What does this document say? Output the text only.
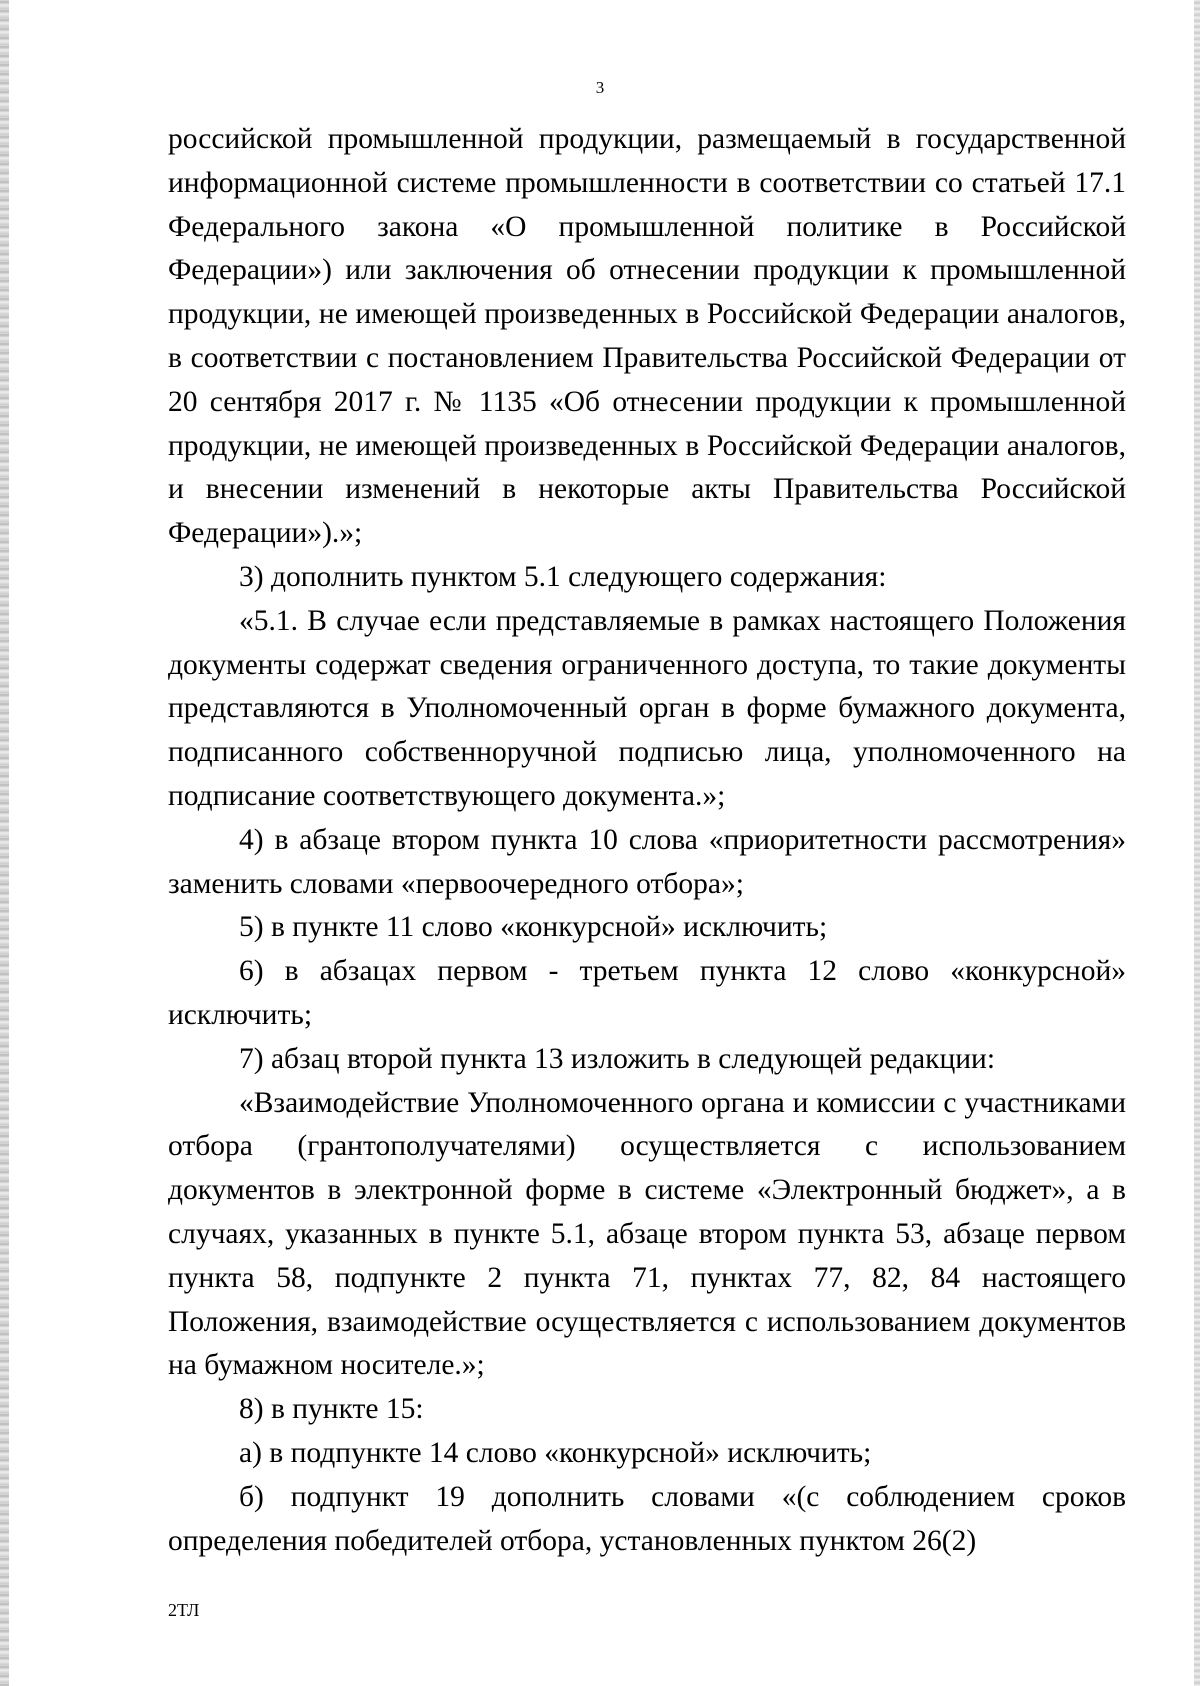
3

российской промышленной продукции, размещаемый в государственной информационной системе промышленности в соответствии со статьей 17.1 Федерального закона «О промышленной политике в Российской Федерации») или заключения об отнесении продукции к промышленной продукции, не имеющей произведенных в Российской Федерации аналогов, в соответствии с постановлением Правительства Российской Федерации от 20 сентября 2017 г. № 1135 «Об отнесении продукции к промышленной продукции, не имеющей произведенных в Российской Федерации аналогов, и внесении изменений в некоторые акты Правительства Российской Федерации»).»;

3) дополнить пунктом 5.1 следующего содержания:

«5.1. В случае если представляемые в рамках настоящего Положения документы содержат сведения ограниченного доступа, то такие документы представляются в Уполномоченный орган в форме бумажного документа, подписанного собственноручной подписью лица, уполномоченного на подписание соответствующего документа.»;

4) в абзаце втором пункта 10 слова «приоритетности рассмотрения» заменить словами «первоочередного отбора»;

5) в пункте 11 слово «конкурсной» исключить;

6) в абзацах первом - третьем пункта 12 слово «конкурсной» исключить;

7) абзац второй пункта 13 изложить в следующей редакции:

«Взаимодействие Уполномоченного органа и комиссии с участниками отбора (грантополучателями) осуществляется с использованием документов в электронной форме в системе «Электронный бюджет», а в случаях, указанных в пункте 5.1, абзаце втором пункта 53, абзаце первом пункта 58, подпункте 2 пункта 71, пунктах 77, 82, 84 настоящего Положения, взаимодействие осуществляется с использованием документов на бумажном носителе.»;

8) в пункте 15:

а) в подпункте 14 слово «конкурсной» исключить;

б) подпункт 19 дополнить словами «(с соблюдением сроков определения победителей отбора, установленных пунктом 26(2)

2ТЛ
